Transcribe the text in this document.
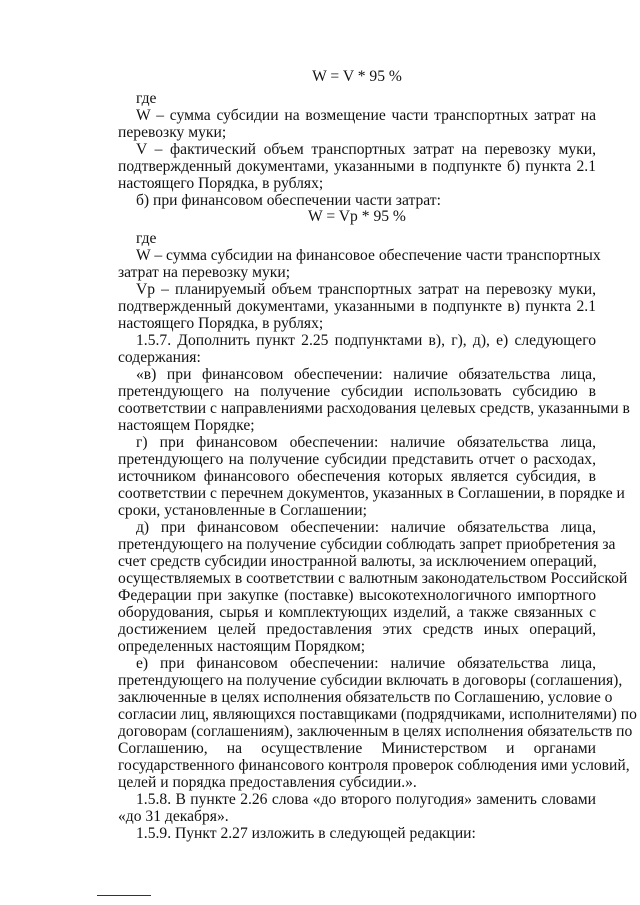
W = V * 95 %
где
W – сумма субсидии на возмещение части транспортных затрат на
перевозку муки;
V – фактический объем транспортных затрат на перевозку муки,
подтвержденный документами, указанными в подпункте б) пункта 2.1
настоящего Порядка, в рублях;
б) при финансовом обеспечении части затрат:
W = Vp * 95 %
где
W – сумма субсидии на финансовое обеспечение части транспортных
затрат на перевозку муки;
Vp – планируемый объем транспортных затрат на перевозку муки,
подтвержденный документами, указанными в подпункте в) пункта 2.1
настоящего Порядка, в рублях;
1.5.7. Дополнить пункт 2.25 подпунктами в), г), д), е) следующего
содержания:
«в) при финансовом обеспечении: наличие обязательства лица,
претендующего на получение субсидии использовать субсидию в
соответствии с направлениями расходования целевых средств, указанными в
настоящем Порядке;
г) при финансовом обеспечении: наличие обязательства лица,
претендующего на получение субсидии представить отчет о расходах,
источником финансового обеспечения которых является субсидия, в
соответствии с перечнем документов, указанных в Соглашении, в порядке и
сроки, установленные в Соглашении;
д) при финансовом обеспечении: наличие обязательства лица,
претендующего на получение субсидии соблюдать запрет приобретения за
счет средств субсидии иностранной валюты, за исключением операций,
осуществляемых в соответствии с валютным законодательством Российской
Федерации при закупке (поставке) высокотехнологичного импортного
оборудования, сырья и комплектующих изделий, а также связанных с
достижением целей предоставления этих средств иных операций,
определенных настоящим Порядком;
е) при финансовом обеспечении: наличие обязательства лица,
претендующего на получение субсидии включать в договоры (соглашения),
заключенные в целях исполнения обязательств по Соглашению, условие о
согласии лиц, являющихся поставщиками (подрядчиками, исполнителями) по
договорам (соглашениям), заключенным в целях исполнения обязательств по
Соглашению, на осуществление Министерством и органами
государственного финансового контроля проверок соблюдения ими условий,
целей и порядка предоставления субсидии.».
1.5.8. В пункте 2.26 слова «до второго полугодия» заменить словами
«до 31 декабря».
1.5.9. Пункт 2.27 изложить в следующей редакции:
